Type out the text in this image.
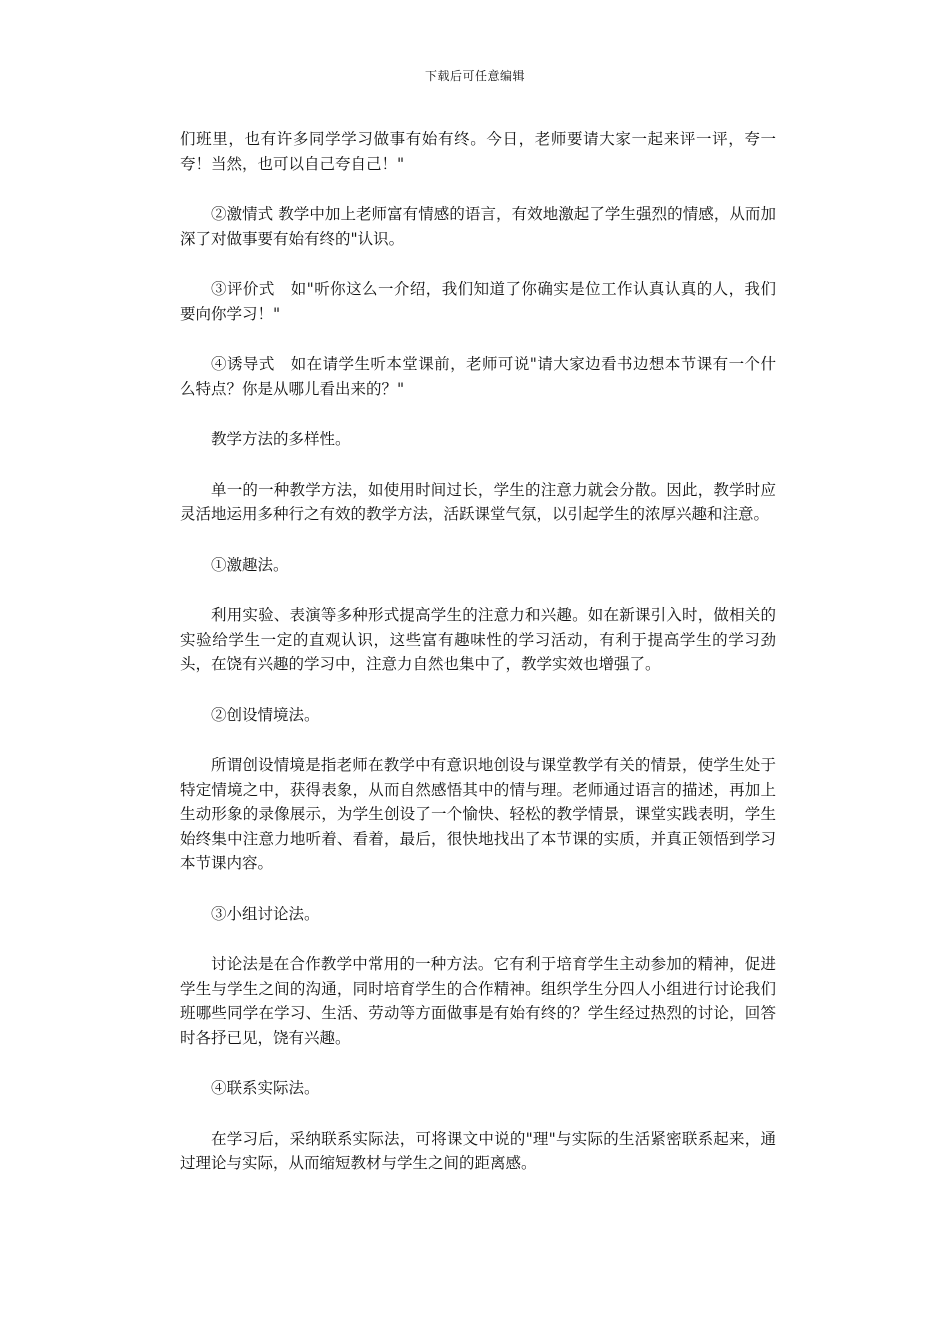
下载后可任意编辑

们班里，也有许多同学学习做事有始有终。今日，老师要请大家一起来评一评，夸一夸！当然，也可以自己夸自己！"

②激情式 教学中加上老师富有情感的语言，有效地激起了学生强烈的情感，从而加深了对做事要有始有终的"认识。

③评价式　如"听你这么一介绍，我们知道了你确实是位工作认真认真的人，我们要向你学习！"

④诱导式　如在请学生听本堂课前，老师可说"请大家边看书边想本节课有一个什么特点？你是从哪儿看出来的？"

教学方法的多样性。

单一的一种教学方法，如使用时间过长，学生的注意力就会分散。因此，教学时应灵活地运用多种行之有效的教学方法，活跃课堂气氛，以引起学生的浓厚兴趣和注意。

①激趣法。

利用实验、表演等多种形式提高学生的注意力和兴趣。如在新课引入时，做相关的实验给学生一定的直观认识，这些富有趣味性的学习活动，有利于提高学生的学习劲头，在饶有兴趣的学习中，注意力自然也集中了，教学实效也增强了。

②创设情境法。

所谓创设情境是指老师在教学中有意识地创设与课堂教学有关的情景，使学生处于特定情境之中，获得表象，从而自然感悟其中的情与理。老师通过语言的描述，再加上生动形象的录像展示，为学生创设了一个愉快、轻松的教学情景，课堂实践表明，学生始终集中注意力地听着、看着，最后，很快地找出了本节课的实质，并真正领悟到学习本节课内容。

③小组讨论法。

讨论法是在合作教学中常用的一种方法。它有利于培育学生主动参加的精神，促进学生与学生之间的沟通，同时培育学生的合作精神。组织学生分四人小组进行讨论我们班哪些同学在学习、生活、劳动等方面做事是有始有终的？学生经过热烈的讨论，回答时各抒已见，饶有兴趣。

④联系实际法。

在学习后，采纳联系实际法，可将课文中说的"理"与实际的生活紧密联系起来，通过理论与实际，从而缩短教材与学生之间的距离感。
